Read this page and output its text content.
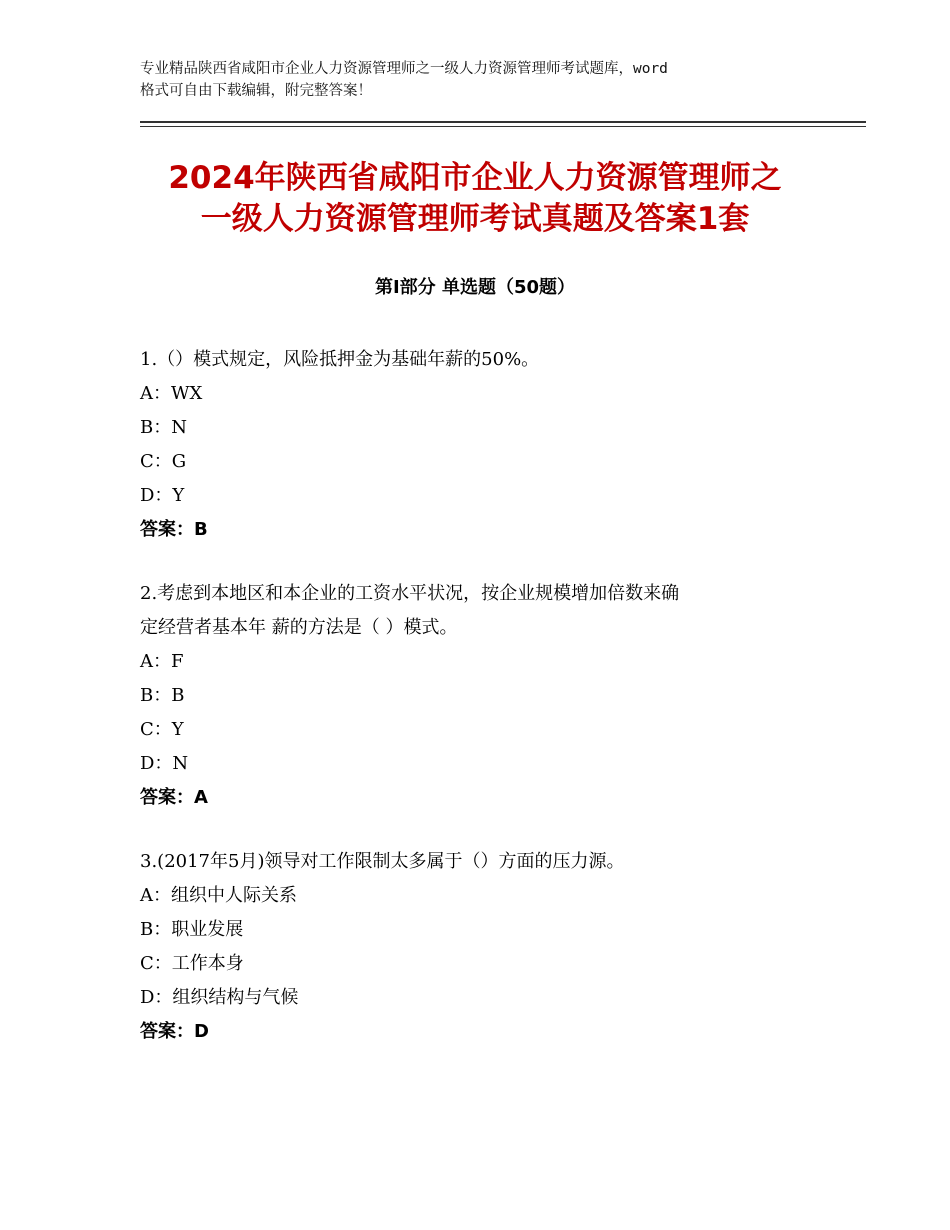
专业精品陕西省咸阳市企业人力资源管理师之一级人力资源管理师考试题库，word
格式可自由下载编辑，附完整答案！
2024年陕西省咸阳市企业人力资源管理师之
一级人力资源管理师考试真题及答案1套
第Ⅰ部分 单选题（50题）

1.（）模式规定，风险抵押金为基础年薪的50%。

A：WX

B：N

C：G

D：Y

答案：B

2.考虑到本地区和本企业的工资水平状况，按企业规模增加倍数来确

定经营者基本年 薪的方法是（ ）模式。

A：F

B：B

C：Y

D：N

答案：A

3.(2017年5月)领导对工作限制太多属于（）方面的压力源。

A：组织中人际关系

B：职业发展

C：工作本身

D：组织结构与气候

答案：D
